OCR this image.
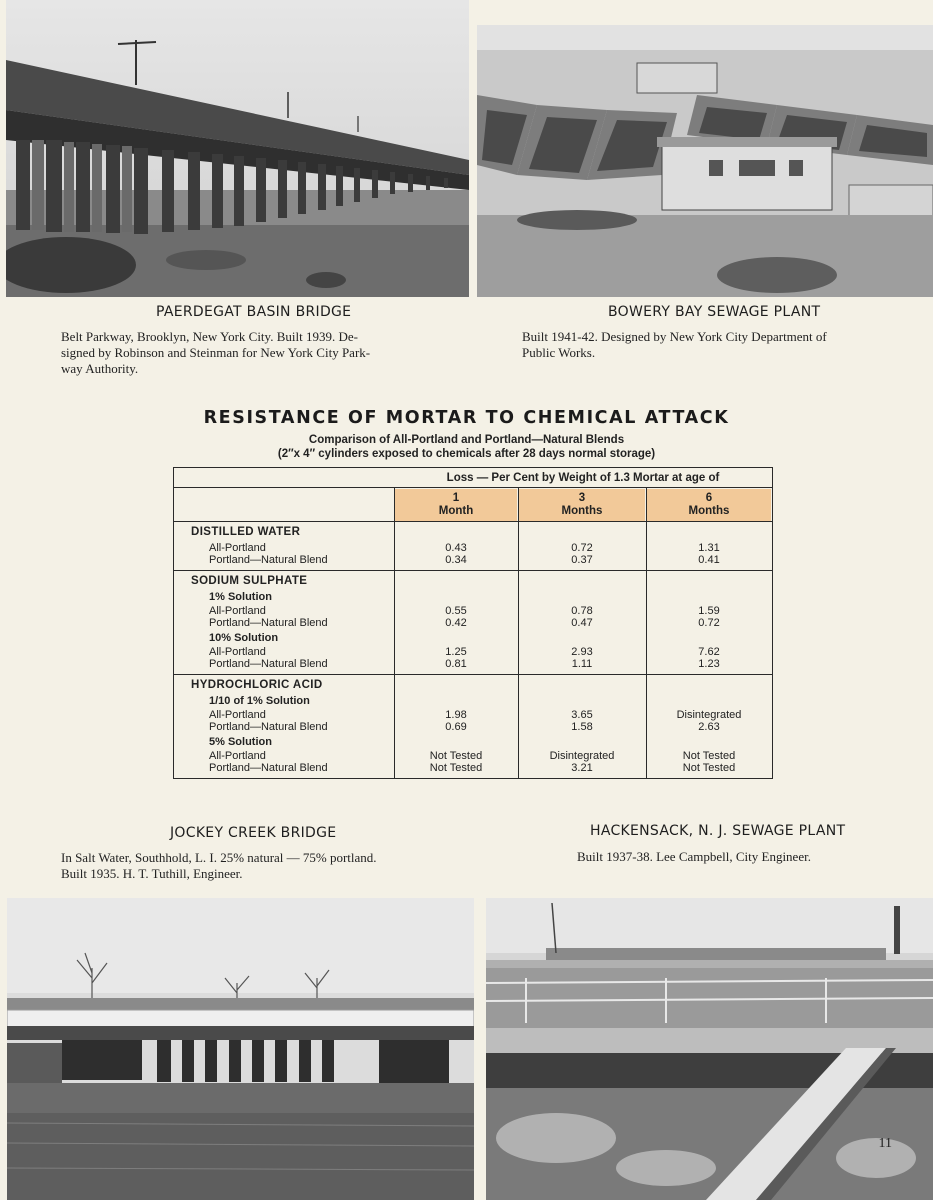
PAERDEGAT BASIN BRIDGE
Belt Parkway, Brooklyn, New York City. Built 1939. De-
signed by Robinson and Steinman for New York City Park-
way Authority.
BOWERY BAY SEWAGE PLANT
Built 1941-42. Designed by New York City Department of
Public Works.
RESISTANCE OF MORTAR TO CHEMICAL ATTACK
Comparison of All-Portland and Portland—Natural Blends
(2″x 4″ cylinders exposed to chemicals after 28 days normal storage)
Loss — Per Cent by Weight of 1.3 Mortar at age of
1
Month
3
Months
6
Months
DISTILLED WATER
All-Portland
Portland—Natural Blend
0.43
0.34
0.72
0.37
1.31
0.41
SODIUM SULPHATE
1% Solution
All-Portland
Portland—Natural Blend
10% Solution
All-Portland
Portland—Natural Blend
0.55
0.42
1.25
0.81
0.78
0.47
2.93
1.11
1.59
0.72
7.62
1.23
HYDROCHLORIC ACID
1/10 of 1% Solution
All-Portland
Portland—Natural Blend
5% Solution
All-Portland
Portland—Natural Blend
1.98
0.69
Not Tested
Not Tested
3.65
1.58
Disintegrated
3.21
Disintegrated
2.63
Not Tested
Not Tested
JOCKEY CREEK BRIDGE
In Salt Water, Southhold, L. I. 25% natural — 75% portland.
Built 1935. H. T. Tuthill, Engineer.
HACKENSACK, N. J. SEWAGE PLANT
Built 1937-38. Lee Campbell, City Engineer.
11
